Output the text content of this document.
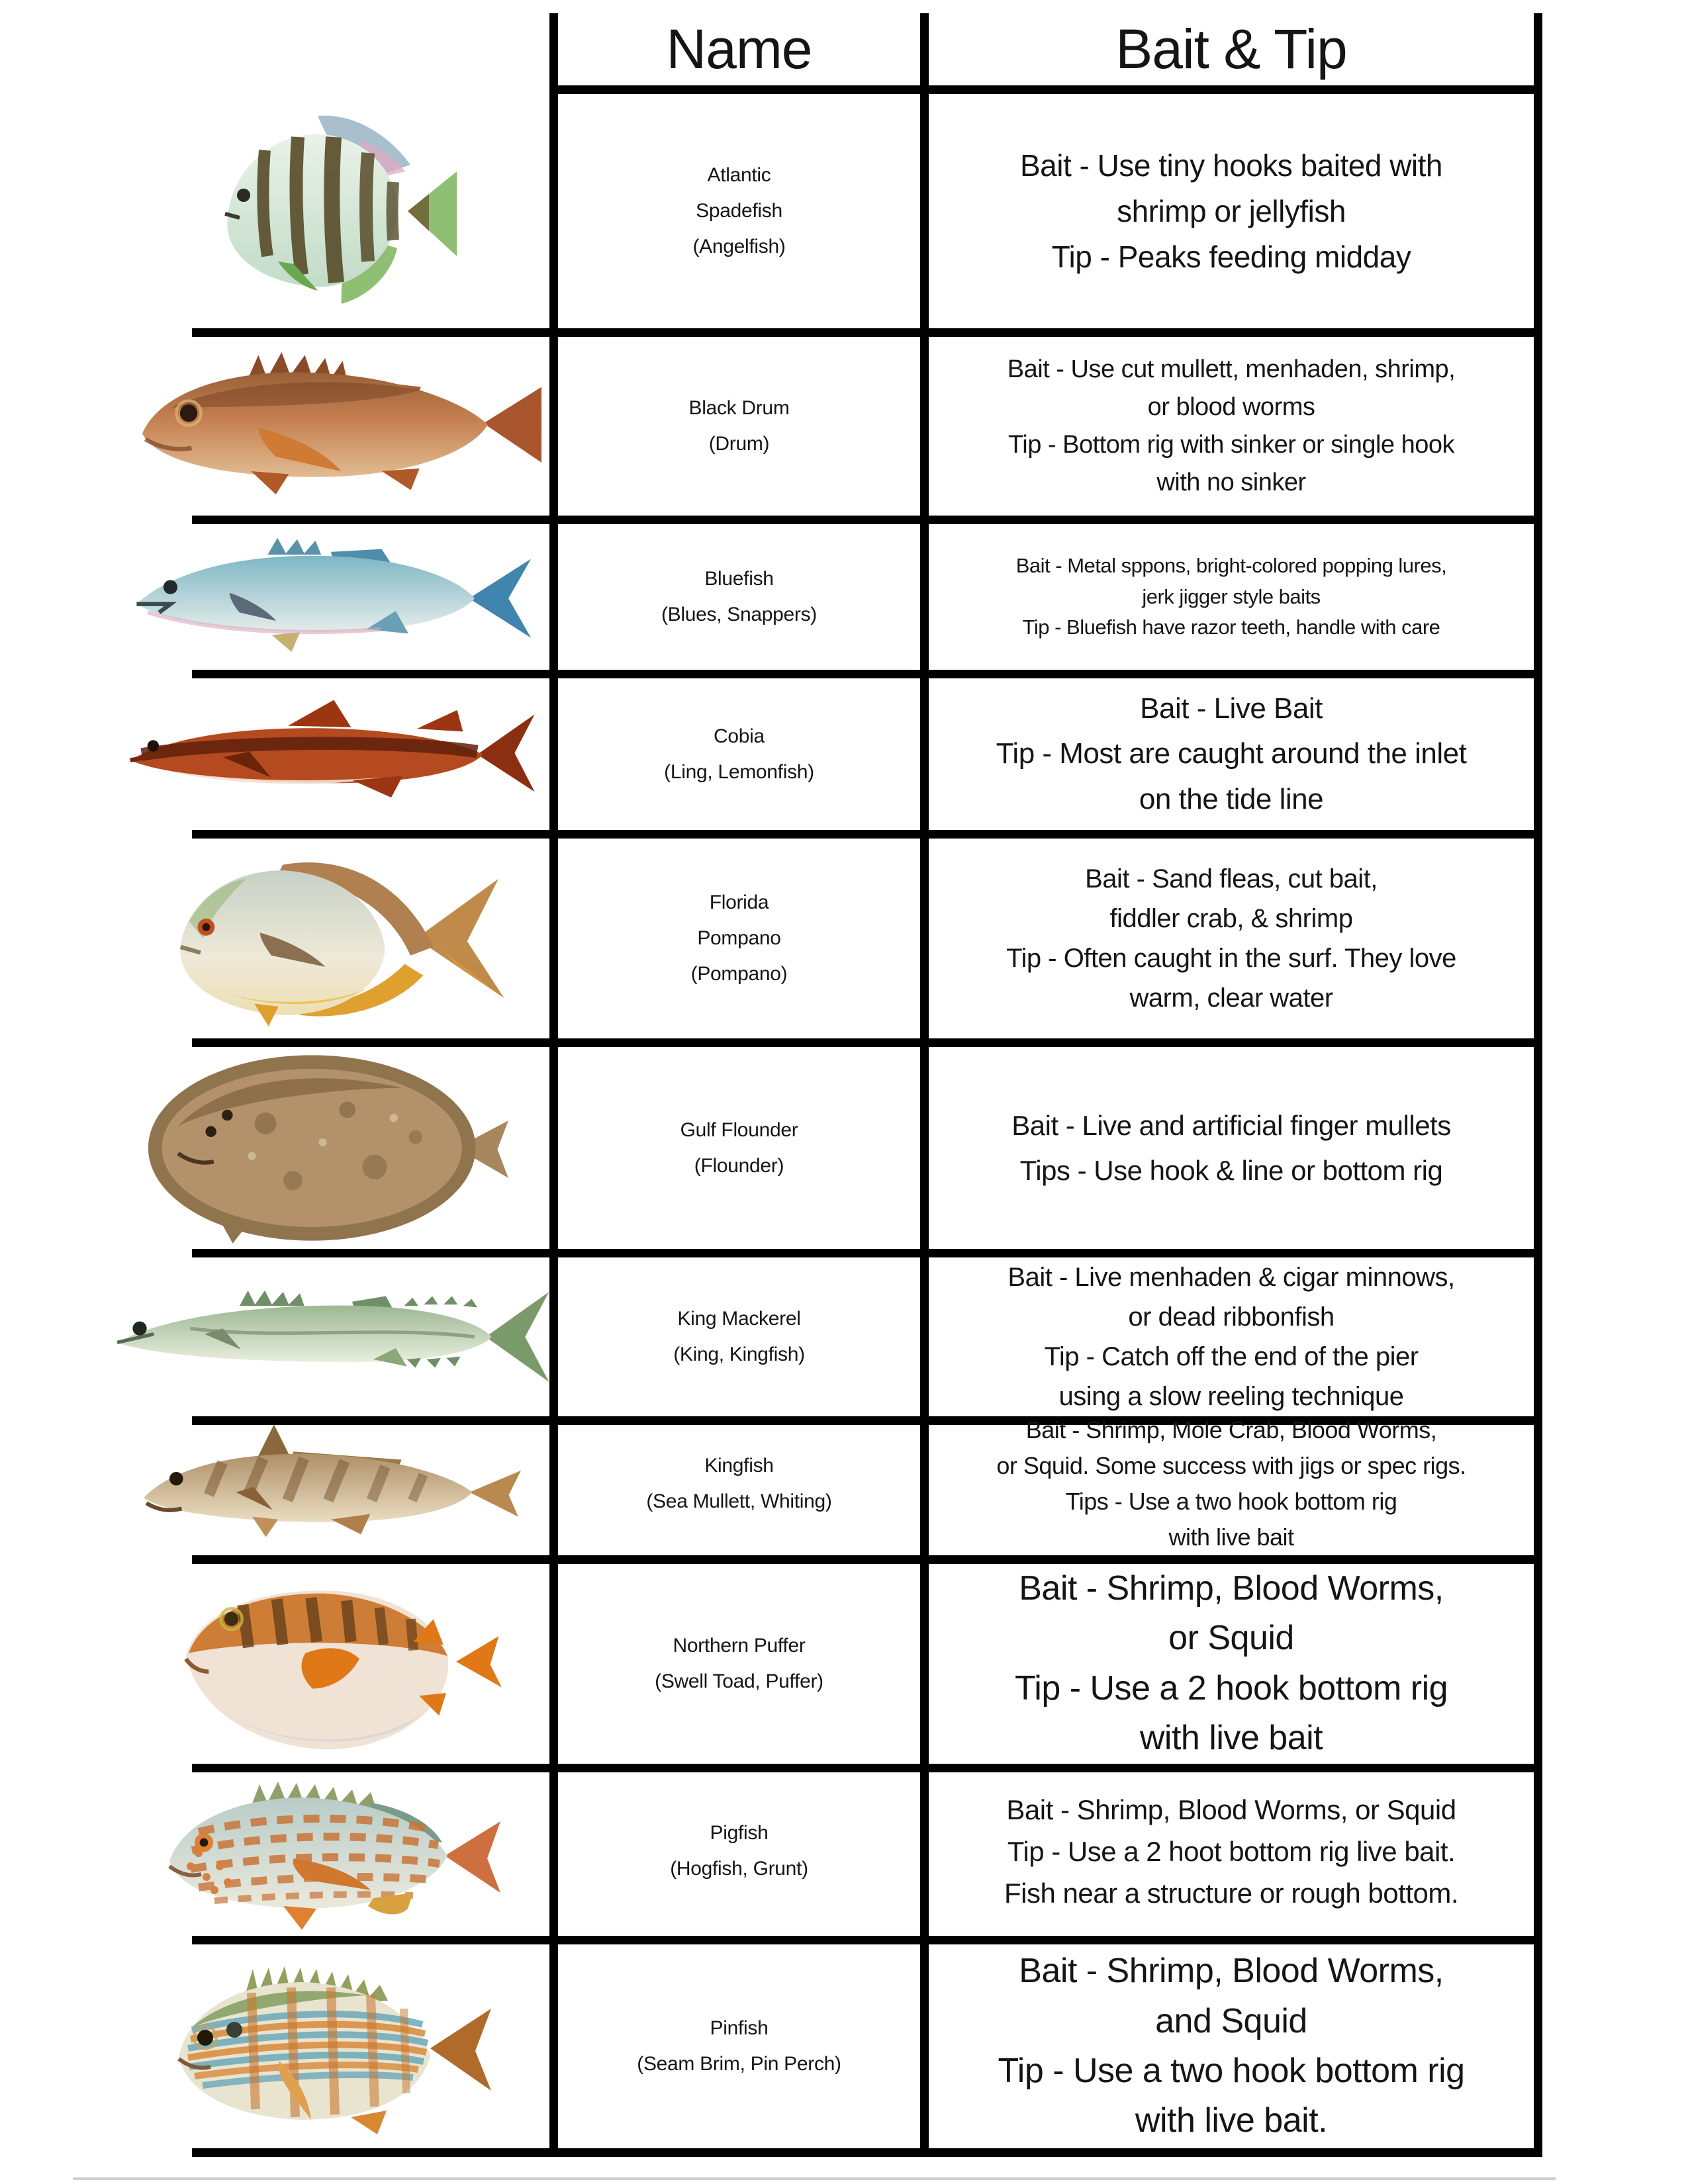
Name	Bait & Tip
Atlantic
Spadefish
(Angelfish)
Bait - Use tiny hooks baited with
shrimp or jellyfish
Tip - Peaks feeding midday
Black Drum
(Drum)
Bait - Use cut mullett, menhaden, shrimp,
or blood worms
Tip - Bottom rig with sinker or single hook
with no sinker
Bluefish
(Blues, Snappers)
Bait - Metal sppons, bright-colored popping lures,
jerk jigger style baits
Tip - Bluefish have razor teeth, handle with care
Cobia
(Ling, Lemonfish)
Bait - Live Bait
Tip - Most are caught around the inlet
on the tide line
Florida
Pompano
(Pompano)
Bait - Sand fleas, cut bait,
fiddler crab, & shrimp
Tip - Often caught in the surf. They love
warm, clear water
Gulf Flounder
(Flounder)
Bait - Live and artificial finger mullets
Tips - Use hook & line or bottom rig
King Mackerel
(King, Kingfish)
Bait - Live menhaden & cigar minnows,
or dead ribbonfish
Tip - Catch off the end of the pier
using a slow reeling technique
Kingfish
(Sea Mullett, Whiting)
Bait - Shrimp, Mole Crab, Blood Worms,
or Squid. Some success with jigs or spec rigs.
Tips - Use a two hook bottom rig
with live bait
Northern Puffer
(Swell Toad, Puffer)
Bait - Shrimp, Blood Worms,
or Squid
Tip - Use a 2 hook bottom rig
with live bait
Pigfish
(Hogfish, Grunt)
Bait - Shrimp, Blood Worms, or Squid
Tip - Use a 2 hoot bottom rig live bait.
Fish near a structure or rough bottom.
Pinfish
(Seam Brim, Pin Perch)
Bait - Shrimp, Blood Worms,
and Squid
Tip - Use a two hook bottom rig
with live bait.
